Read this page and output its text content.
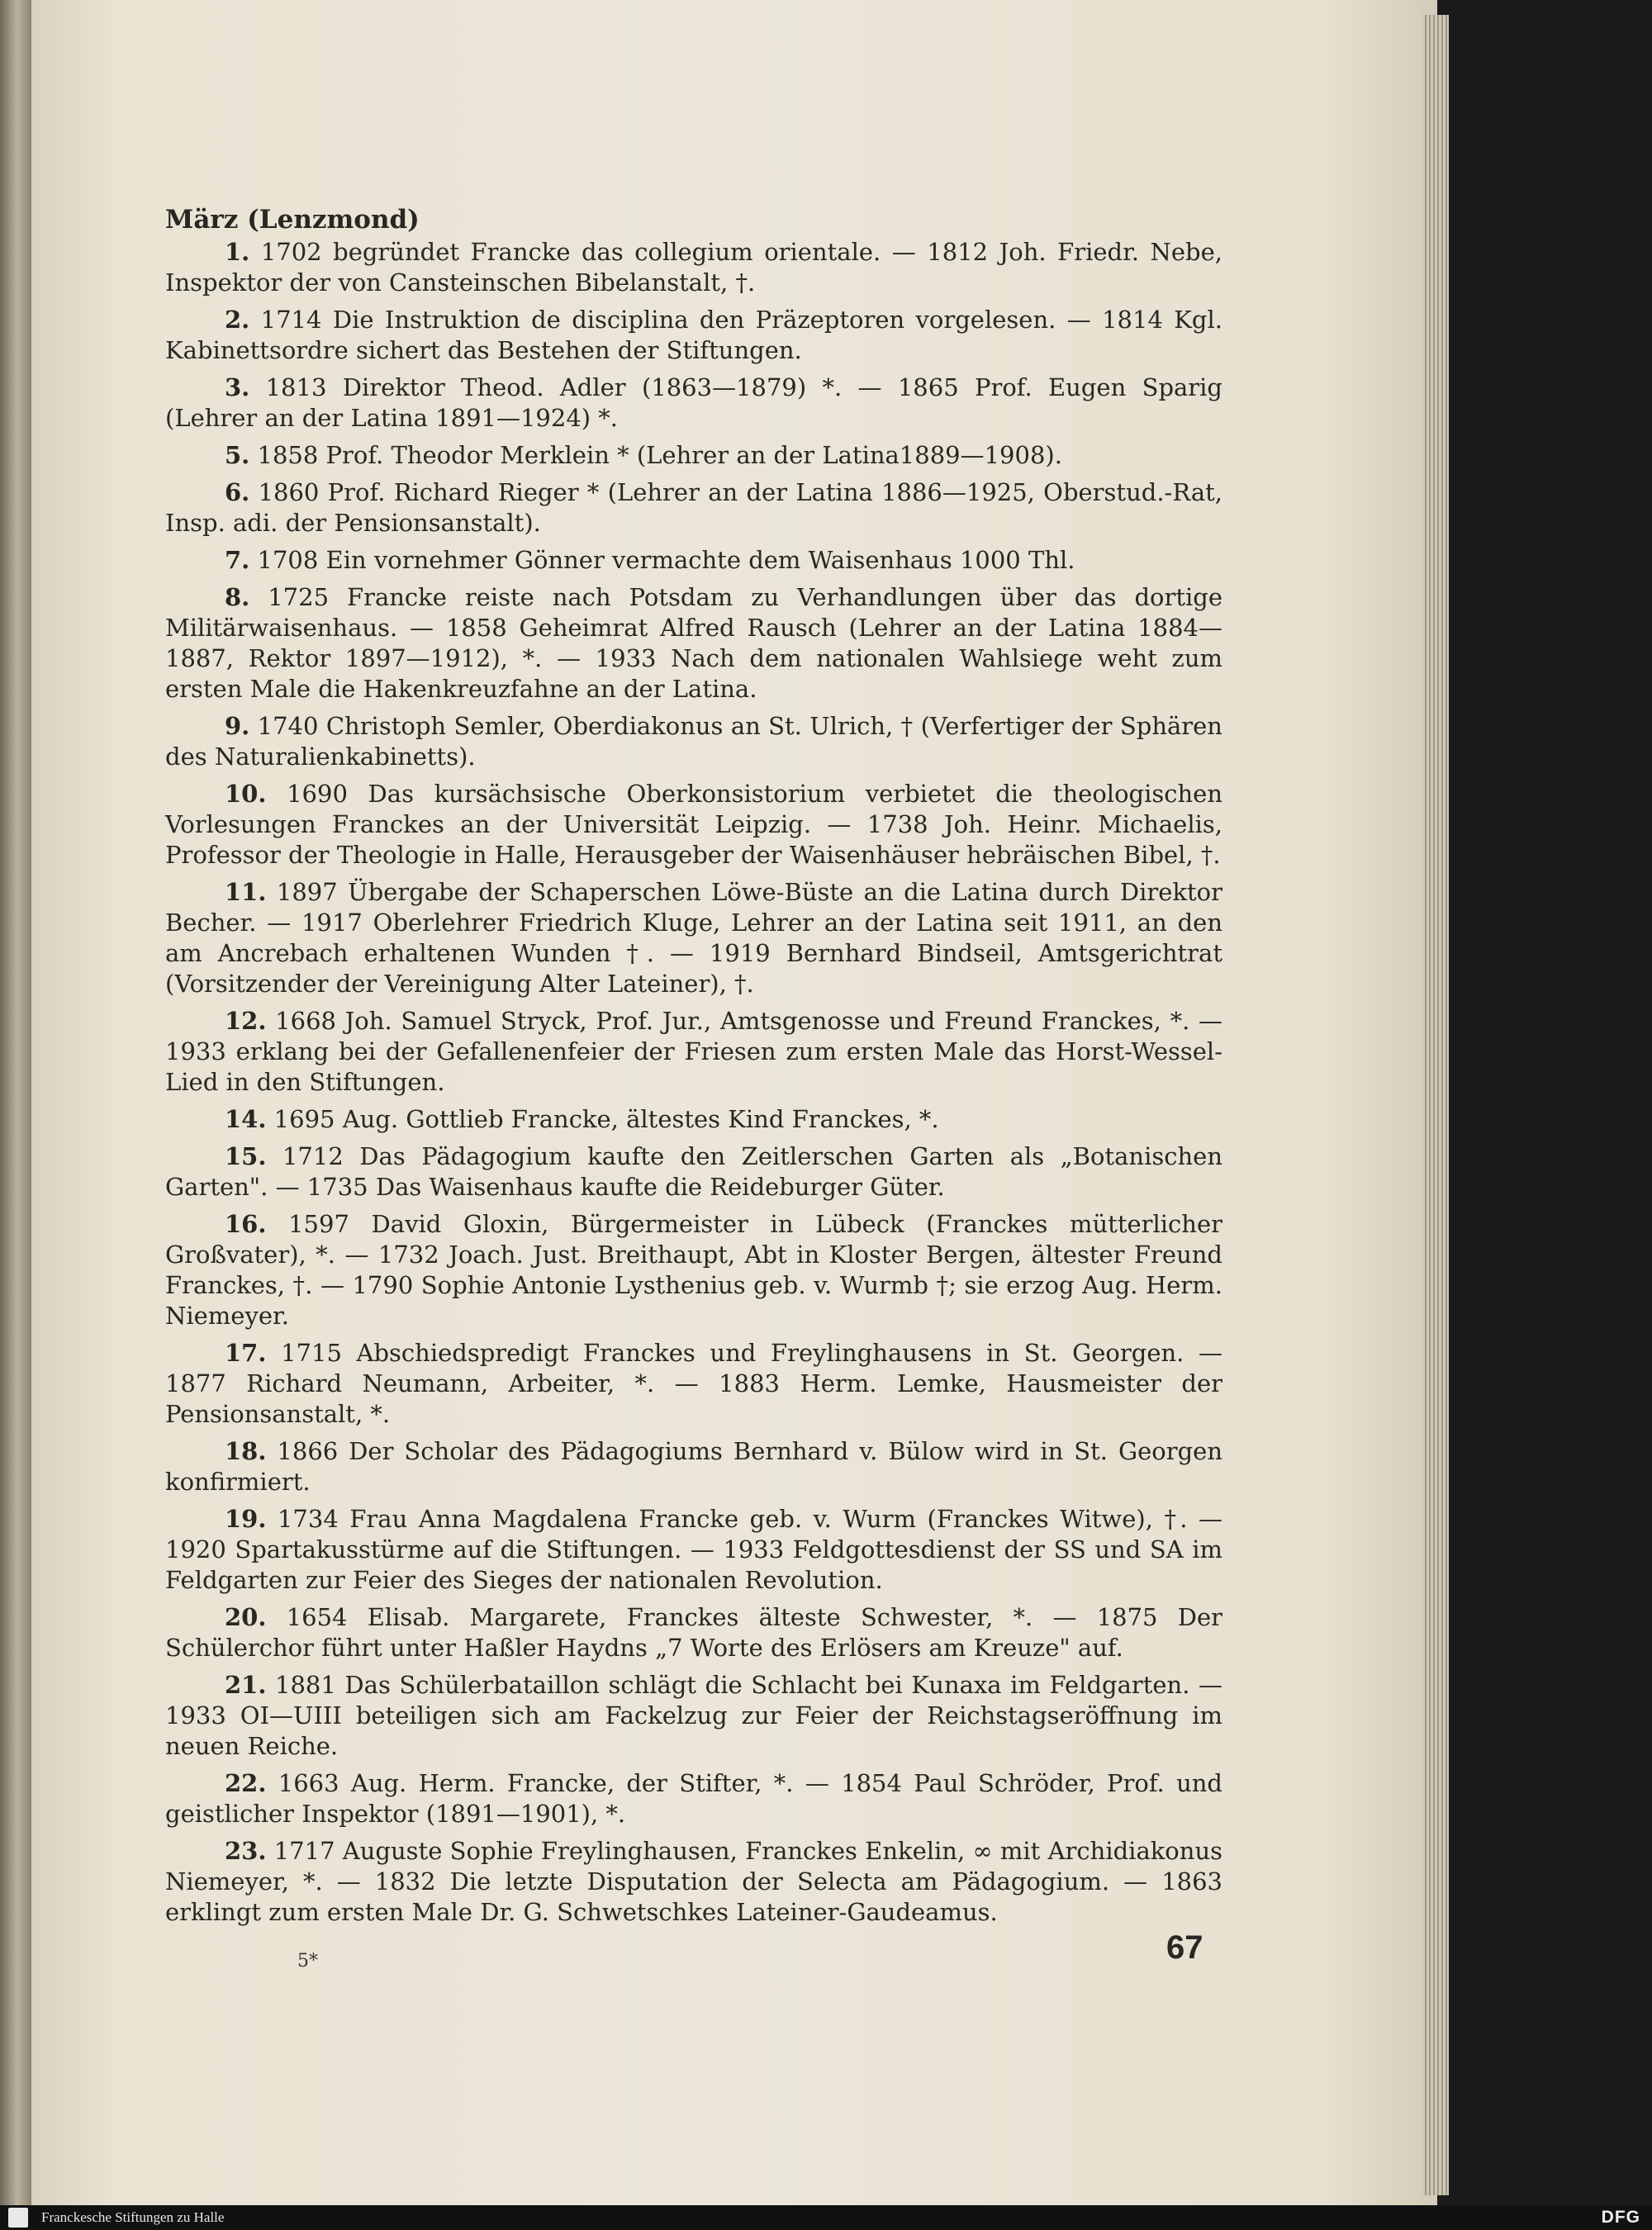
März (Lenzmond)

1. 1702 begründet Francke das collegium orientale. — 1812 Joh. Friedr. Nebe, Inspektor der von Cansteinschen Bibelanstalt, †.

2. 1714 Die Instruktion de disciplina den Präzeptoren vorgelesen. — 1814 Kgl. Kabinettsordre sichert das Bestehen der Stiftungen.

3. 1813 Direktor Theod. Adler (1863—1879) *. — 1865 Prof. Eugen Sparig (Lehrer an der Latina 1891—1924) *.

5. 1858 Prof. Theodor Merklein * (Lehrer an der Latina1889—1908).

6. 1860 Prof. Richard Rieger * (Lehrer an der Latina 1886—1925, Oberstud.-Rat, Insp. adi. der Pensionsanstalt).

7. 1708 Ein vornehmer Gönner vermachte dem Waisenhaus 1000 Thl.

8. 1725 Francke reiste nach Potsdam zu Verhandlungen über das dortige Militärwaisenhaus. — 1858 Geheimrat Alfred Rausch (Lehrer an der Latina 1884—1887, Rektor 1897—1912), *. — 1933 Nach dem nationalen Wahlsiege weht zum ersten Male die Hakenkreuzfahne an der Latina.

9. 1740 Christoph Semler, Oberdiakonus an St. Ulrich, † (Verfertiger der Sphären des Naturalienkabinetts).

10. 1690 Das kursächsische Oberkonsistorium verbietet die theologischen Vorlesungen Franckes an der Universität Leipzig. — 1738 Joh. Heinr. Michaelis, Professor der Theologie in Halle, Herausgeber der Waisenhäuser hebräischen Bibel, †.

11. 1897 Übergabe der Schaperschen Löwe-Büste an die Latina durch Direktor Becher. — 1917 Oberlehrer Friedrich Kluge, Lehrer an der Latina seit 1911, an den am Ancrebach erhaltenen Wunden †. — 1919 Bernhard Bindseil, Amtsgerichtrat (Vorsitzender der Vereinigung Alter Lateiner), †.

12. 1668 Joh. Samuel Stryck, Prof. Jur., Amtsgenosse und Freund Franckes, *. — 1933 erklang bei der Gefallenenfeier der Friesen zum ersten Male das Horst-Wessel-Lied in den Stiftungen.

14. 1695 Aug. Gottlieb Francke, ältestes Kind Franckes, *.

15. 1712 Das Pädagogium kaufte den Zeitlerschen Garten als „Botanischen Garten". — 1735 Das Waisenhaus kaufte die Reideburger Güter.

16. 1597 David Gloxin, Bürgermeister in Lübeck (Franckes mütterlicher Großvater), *. — 1732 Joach. Just. Breithaupt, Abt in Kloster Bergen, ältester Freund Franckes, †. — 1790 Sophie Antonie Lysthenius geb. v. Wurmb †; sie erzog Aug. Herm. Niemeyer.

17. 1715 Abschiedspredigt Franckes und Freylinghausens in St. Georgen. — 1877 Richard Neumann, Arbeiter, *. — 1883 Herm. Lemke, Hausmeister der Pensionsanstalt, *.

18. 1866 Der Scholar des Pädagogiums Bernhard v. Bülow wird in St. Georgen konfirmiert.

19. 1734 Frau Anna Magdalena Francke geb. v. Wurm (Franckes Witwe), †. — 1920 Spartakusstürme auf die Stiftungen. — 1933 Feldgottesdienst der SS und SA im Feldgarten zur Feier des Sieges der nationalen Revolution.

20. 1654 Elisab. Margarete, Franckes älteste Schwester, *. — 1875 Der Schülerchor führt unter Haßler Haydns „7 Worte des Erlösers am Kreuze" auf.

21. 1881 Das Schülerbataillon schlägt die Schlacht bei Kunaxa im Feldgarten. — 1933 OI—UIII beteiligen sich am Fackelzug zur Feier der Reichstagseröffnung im neuen Reiche.

22. 1663 Aug. Herm. Francke, der Stifter, *. — 1854 Paul Schröder, Prof. und geistlicher Inspektor (1891—1901), *.

23. 1717 Auguste Sophie Freylinghausen, Franckes Enkelin, ∞ mit Archidiakonus Niemeyer, *. — 1832 Die letzte Disputation der Selecta am Pädagogium. — 1863 erklingt zum ersten Male Dr. G. Schwetschkes Lateiner-Gaudeamus.

5*	67
Franckesche Stiftungen zu Halle	DFG
